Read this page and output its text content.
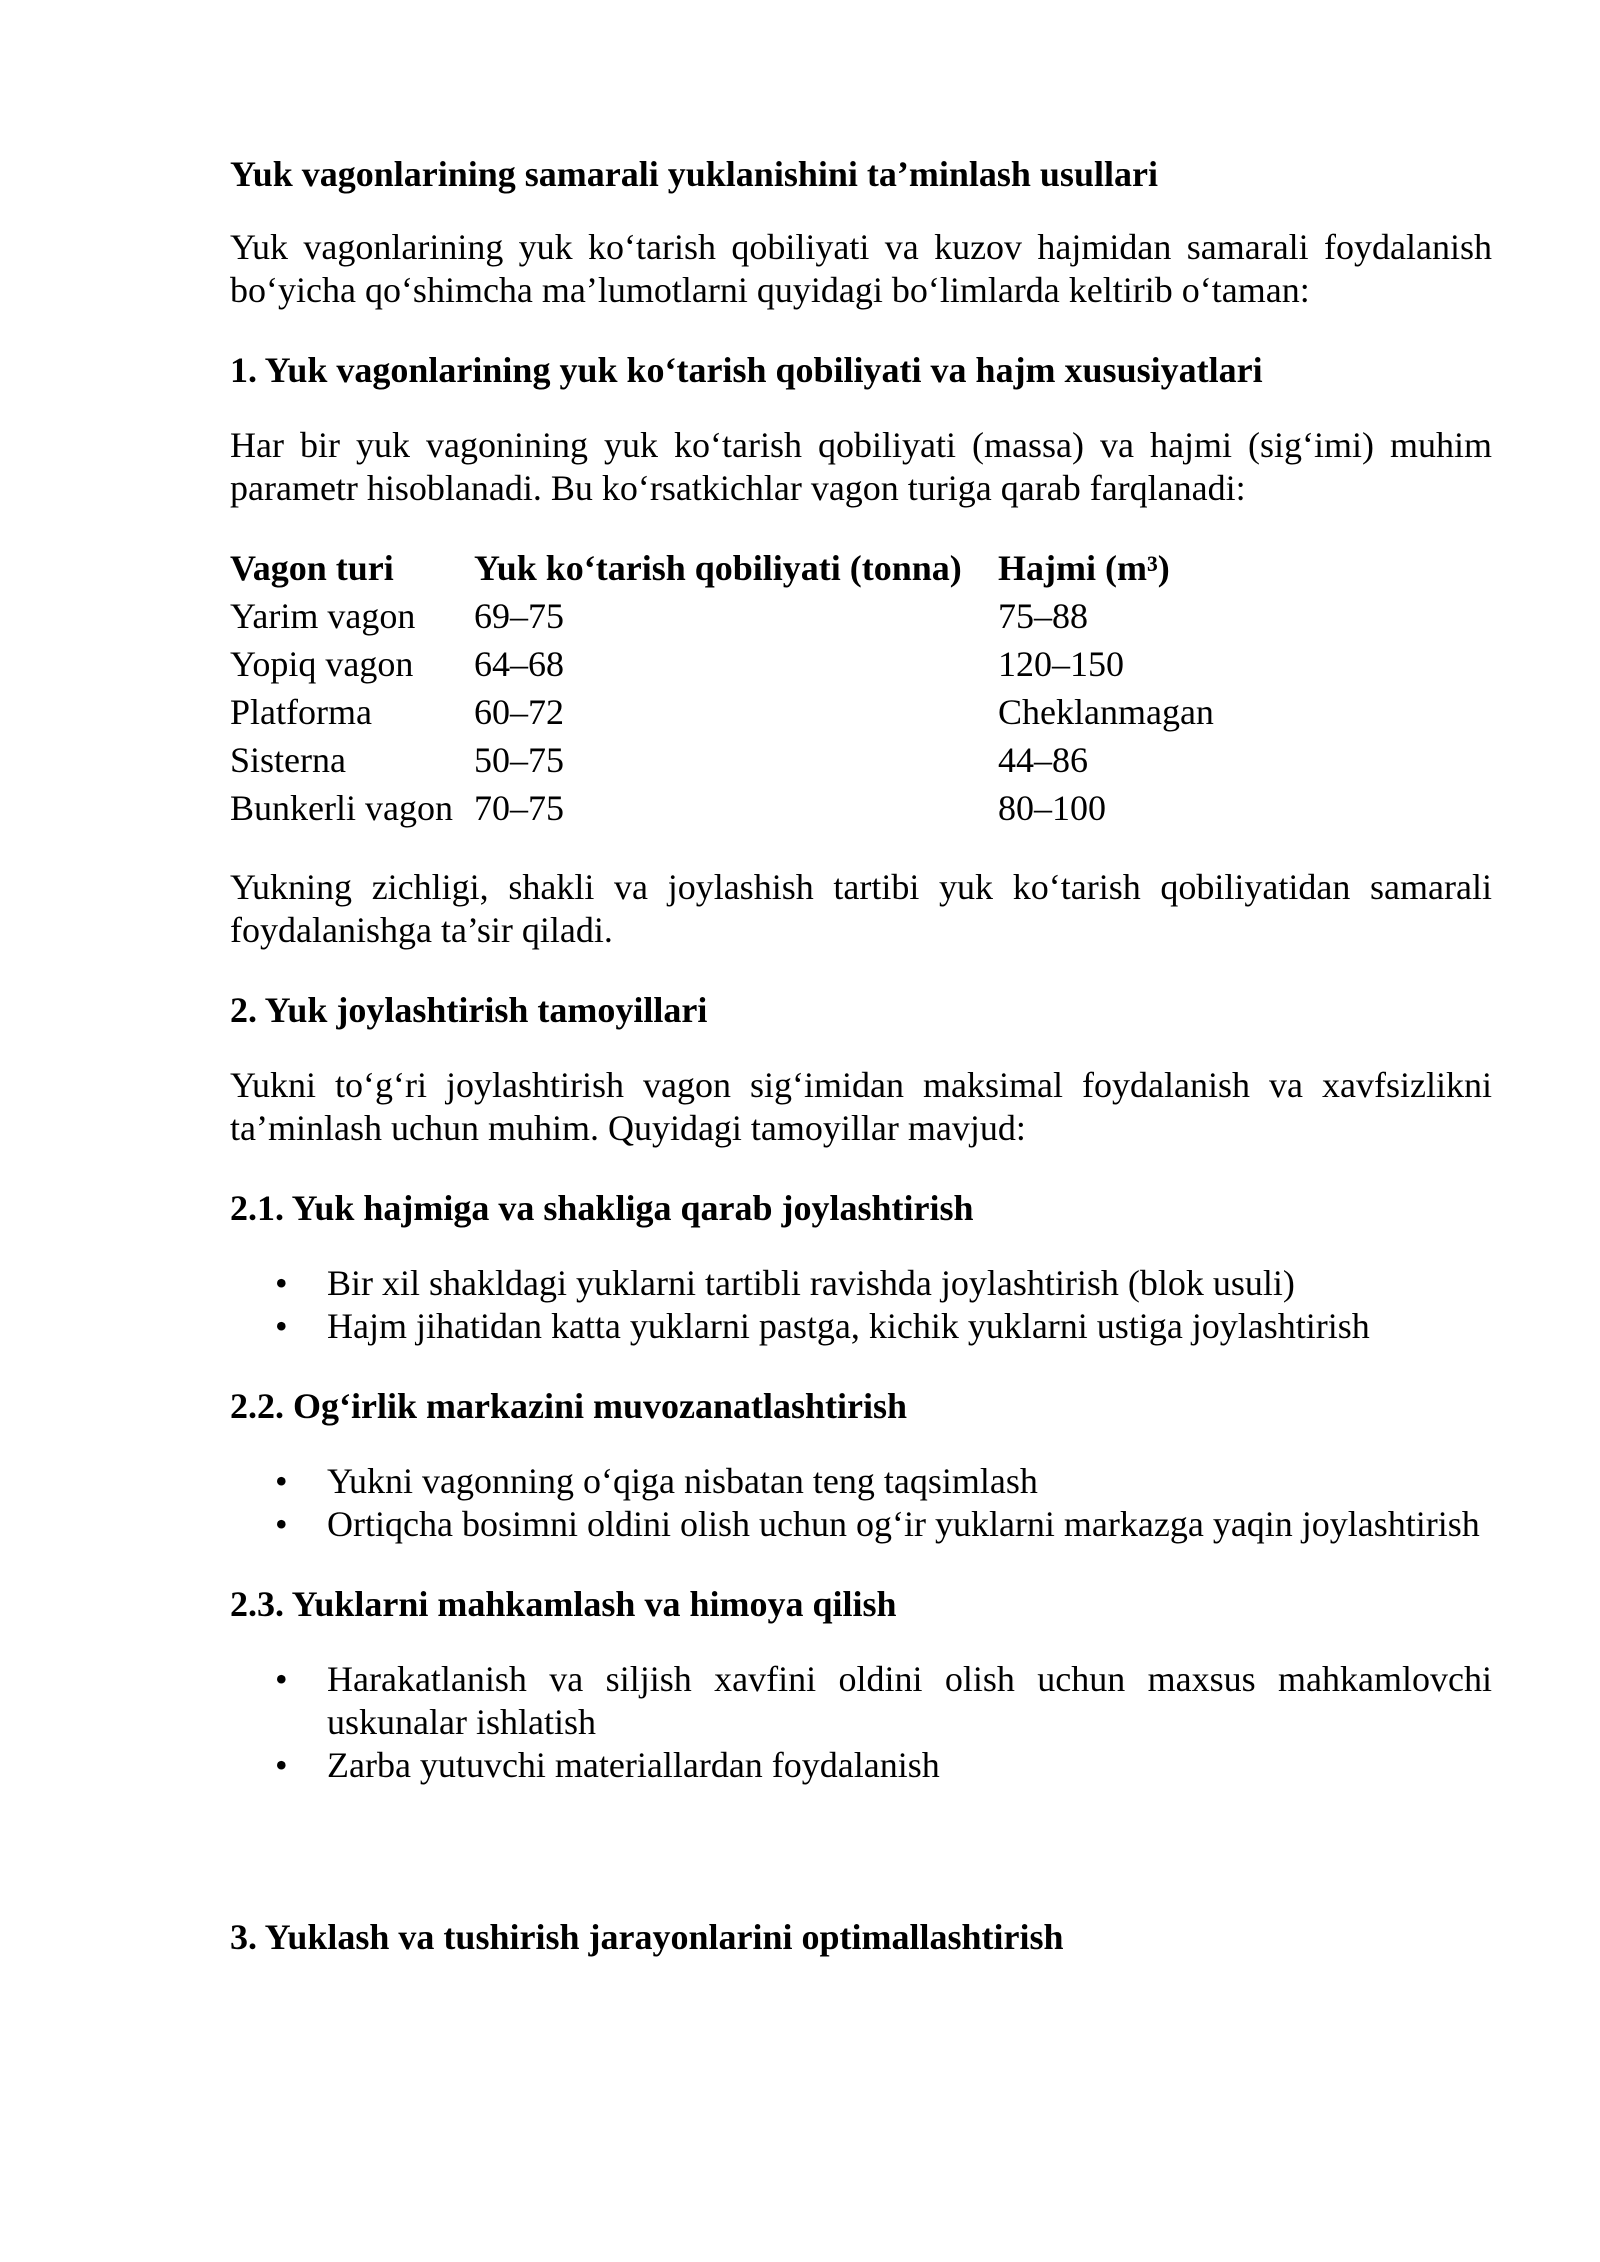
Yuk vagonlarining samarali yuklanishini ta’minlash usullari

Yuk vagonlarining yuk ko‘tarish qobiliyati va kuzov hajmidan samarali foydalanish bo‘yicha qo‘shimcha ma’lumotlarni quyidagi bo‘limlarda keltirib o‘taman:

1. Yuk vagonlarining yuk ko‘tarish qobiliyati va hajm xususiyatlari

Har bir yuk vagonining yuk ko‘tarish qobiliyati (massa) va hajmi (sig‘imi) muhim parametr hisoblanadi. Bu ko‘rsatkichlar vagon turiga qarab farqlanadi:

Vagon turi	Yuk ko‘tarish qobiliyati (tonna)	Hajmi (m³)
Yarim vagon	69–75	75–88
Yopiq vagon	64–68	120–150
Platforma	60–72	Cheklanmagan
Sisterna	50–75	44–86
Bunkerli vagon	70–75	80–100

Yukning zichligi, shakli va joylashish tartibi yuk ko‘tarish qobiliyatidan samarali foydalanishga ta’sir qiladi.

2. Yuk joylashtirish tamoyillari

Yukni to‘g‘ri joylashtirish vagon sig‘imidan maksimal foydalanish va xavfsizlikni ta’minlash uchun muhim. Quyidagi tamoyillar mavjud:

2.1. Yuk hajmiga va shakliga qarab joylashtirish

• Bir xil shakldagi yuklarni tartibli ravishda joylashtirish (blok usuli)
• Hajm jihatidan katta yuklarni pastga, kichik yuklarni ustiga joylashtirish

2.2. Og‘irlik markazini muvozanatlashtirish

• Yukni vagonning o‘qiga nisbatan teng taqsimlash
• Ortiqcha bosimni oldini olish uchun og‘ir yuklarni markazga yaqin joylashtirish

2.3. Yuklarni mahkamlash va himoya qilish

• Harakatlanish va siljish xavfini oldini olish uchun maxsus mahkamlovchi uskunalar ishlatish
• Zarba yutuvchi materiallardan foydalanish

3. Yuklash va tushirish jarayonlarini optimallashtirish
